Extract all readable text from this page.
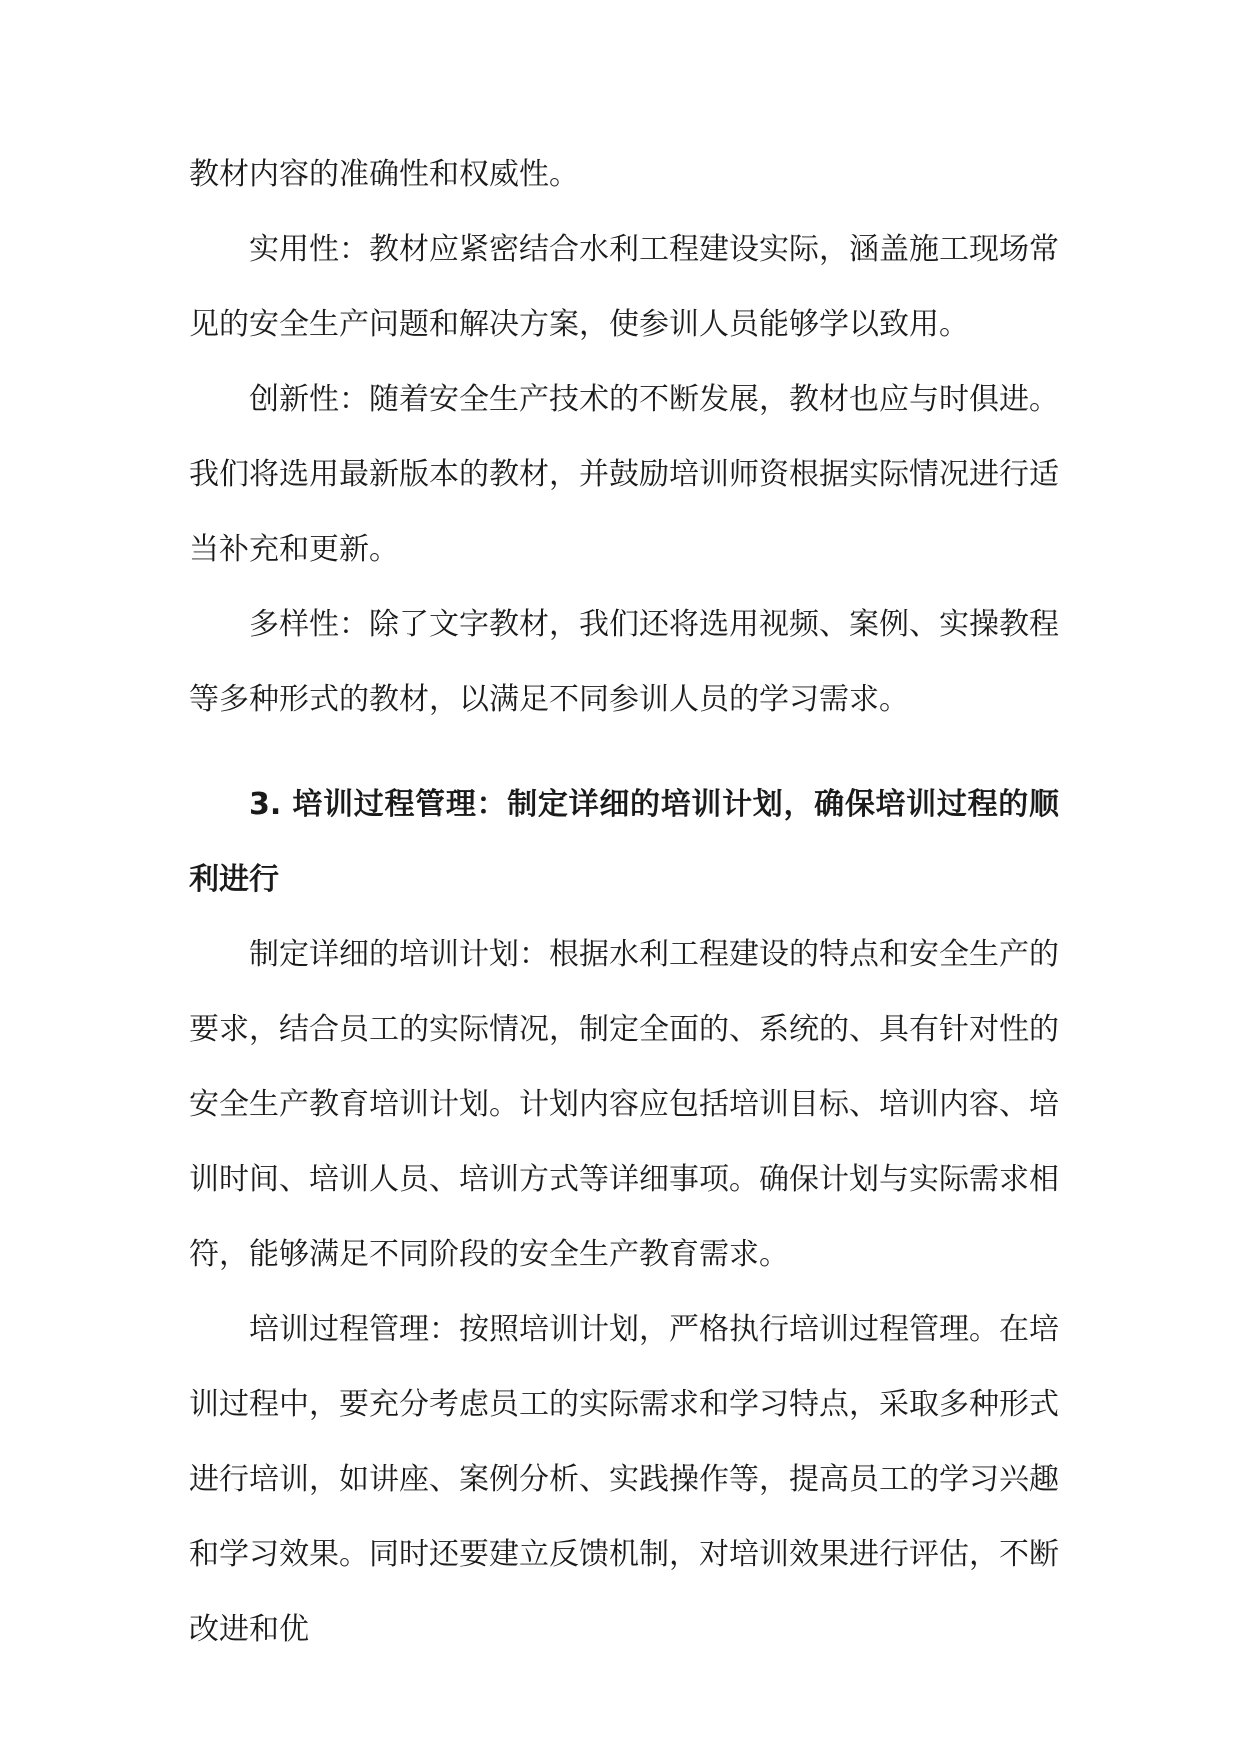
教材内容的准确性和权威性。

实用性：教材应紧密结合水利工程建设实际，涵盖施工现场常见的安全生产问题和解决方案，使参训人员能够学以致用。

创新性：随着安全生产技术的不断发展，教材也应与时俱进。我们将选用最新版本的教材，并鼓励培训师资根据实际情况进行适当补充和更新。

多样性：除了文字教材，我们还将选用视频、案例、实操教程等多种形式的教材，以满足不同参训人员的学习需求。

3. 培训过程管理：制定详细的培训计划，确保培训过程的顺利进行

制定详细的培训计划：根据水利工程建设的特点和安全生产的要求，结合员工的实际情况，制定全面的、系统的、具有针对性的安全生产教育培训计划。计划内容应包括培训目标、培训内容、培训时间、培训人员、培训方式等详细事项。确保计划与实际需求相符，能够满足不同阶段的安全生产教育需求。

培训过程管理：按照培训计划，严格执行培训过程管理。在培训过程中，要充分考虑员工的实际需求和学习特点，采取多种形式进行培训，如讲座、案例分析、实践操作等，提高员工的学习兴趣和学习效果。同时还要建立反馈机制，对培训效果进行评估，不断改进和优
